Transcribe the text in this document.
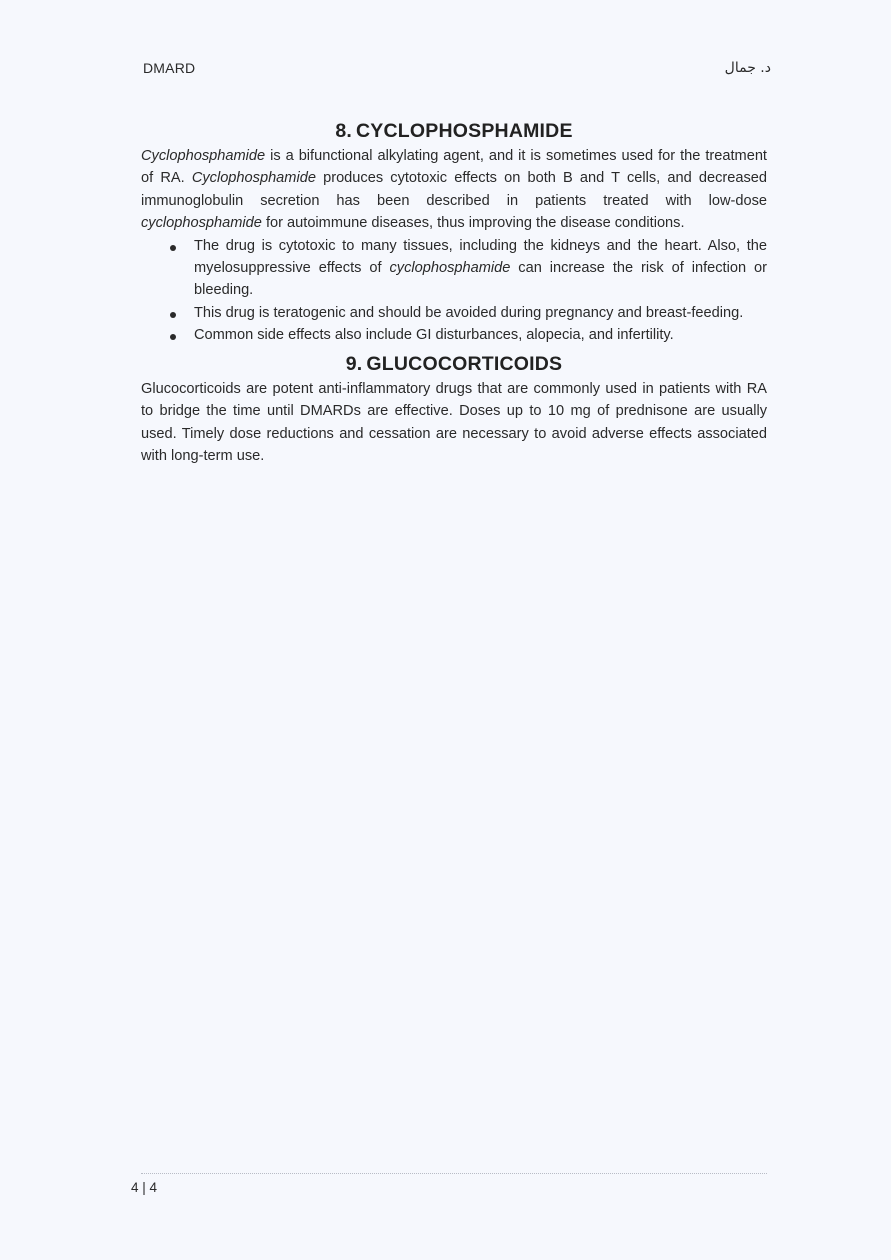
DMARD	د. جمال
8. CYCLOPHOSPHAMIDE

Cyclophosphamide is a bifunctional alkylating agent, and it is sometimes used for the treatment of RA. Cyclophosphamide produces cytotoxic effects on both B and T cells, and decreased immunoglobulin secretion has been described in patients treated with low-dose cyclophosphamide for autoimmune diseases, thus improving the disease conditions.

The drug is cytotoxic to many tissues, including the kidneys and the heart. Also, the myelosuppressive effects of cyclophosphamide can increase the risk of infection or bleeding.
This drug is teratogenic and should be avoided during pregnancy and breast-feeding.
Common side effects also include GI disturbances, alopecia, and infertility.
9. GLUCOCORTICOIDS

Glucocorticoids are potent anti-inflammatory drugs that are commonly used in patients with RA to bridge the time until DMARDs are effective. Doses up to 10 mg of prednisone are usually used. Timely dose reductions and cessation are necessary to avoid adverse effects associated with long-term use.

4 | 4
